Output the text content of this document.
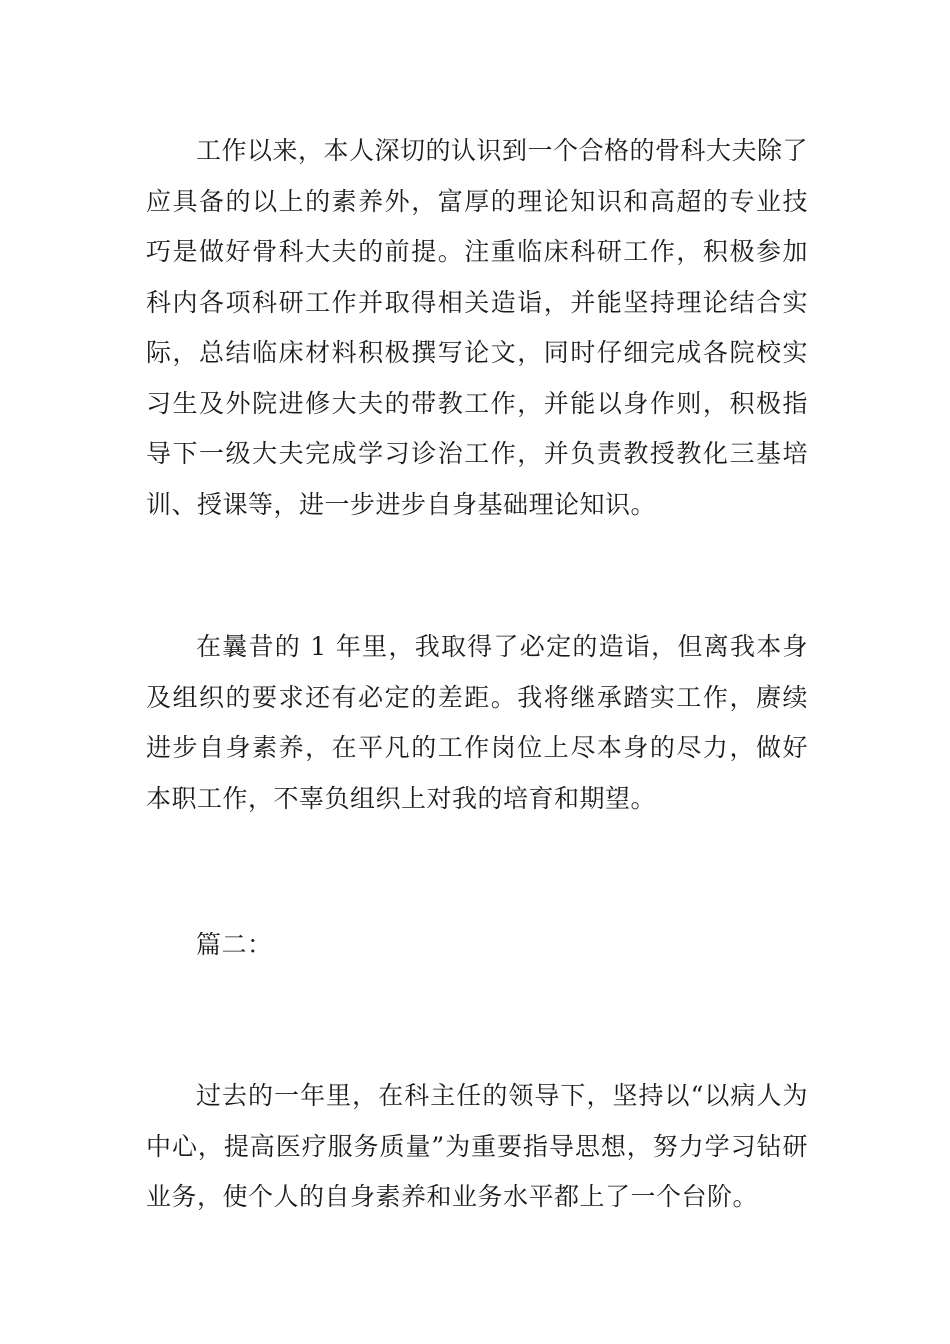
工作以来，本人深切的认识到一个合格的骨科大夫除了应具备的以上的素养外，富厚的理论知识和高超的专业技巧是做好骨科大夫的前提。注重临床科研工作，积极参加科内各项科研工作并取得相关造诣，并能坚持理论结合实际，总结临床材料积极撰写论文，同时仔细完成各院校实习生及外院进修大夫的带教工作，并能以身作则，积极指导下一级大夫完成学习诊治工作，并负责教授教化三基培训、授课等，进一步进步自身基础理论知识。

在曩昔的 1 年里，我取得了必定的造诣，但离我本身及组织的要求还有必定的差距。我将继承踏实工作，赓续进步自身素养，在平凡的工作岗位上尽本身的尽力，做好本职工作，不辜负组织上对我的培育和期望。

篇二：

过去的一年里，在科主任的领导下，坚持以“以病人为中心，提高医疗服务质量”为重要指导思想，努力学习钻研业务，使个人的自身素养和业务水平都上了一个台阶。
